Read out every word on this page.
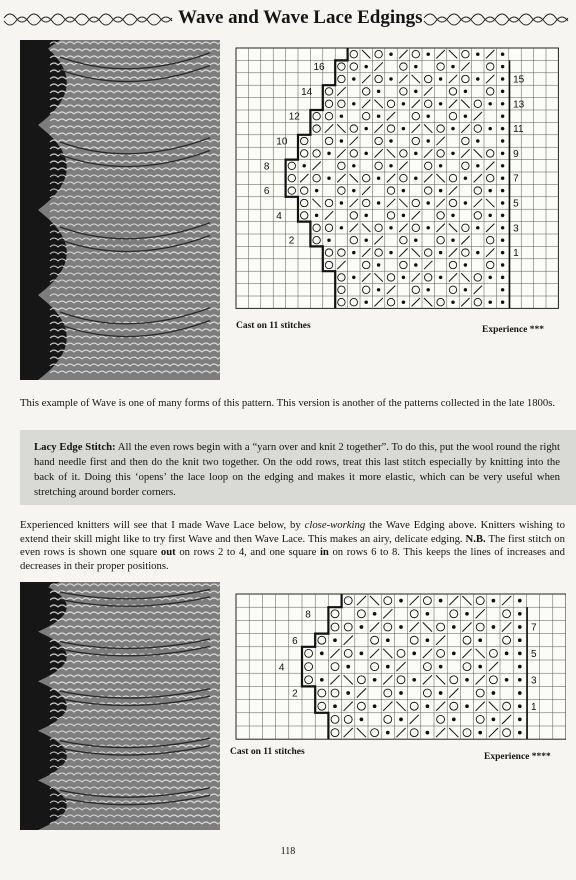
Wave and Wave Lace Edgings
16
14
12
10
8
6
4
2
15
13
11
9
7
5
3
1
Cast on 11 stitches	Experience ***
This example of Wave is one of many forms of this pattern. This version is another of the patterns collected in the late 1800s.
Lacy Edge Stitch: All the even rows begin with a “yarn over and knit 2 together”. To do this, put the wool round the right hand needle first and then do the knit two together. On the odd rows, treat this last stitch especially by knitting into the back of it. Doing this ‘opens’ the lace loop on the edging and makes it more elastic, which can be very useful when stretching around border corners.
Experienced knitters will see that I made Wave Lace below, by close-working the Wave Edging above. Knitters wishing to extend their skill might like to try first Wave and then Wave Lace. This makes an airy, delicate edging. N.B. The first stitch on even rows is shown one square out on rows 2 to 4, and one square in on rows 6 to 8. This keeps the lines of increases and decreases in their proper positions.
8
6
4
2
7
5
3
1
Cast on 11 stitches	Experience ****
118
